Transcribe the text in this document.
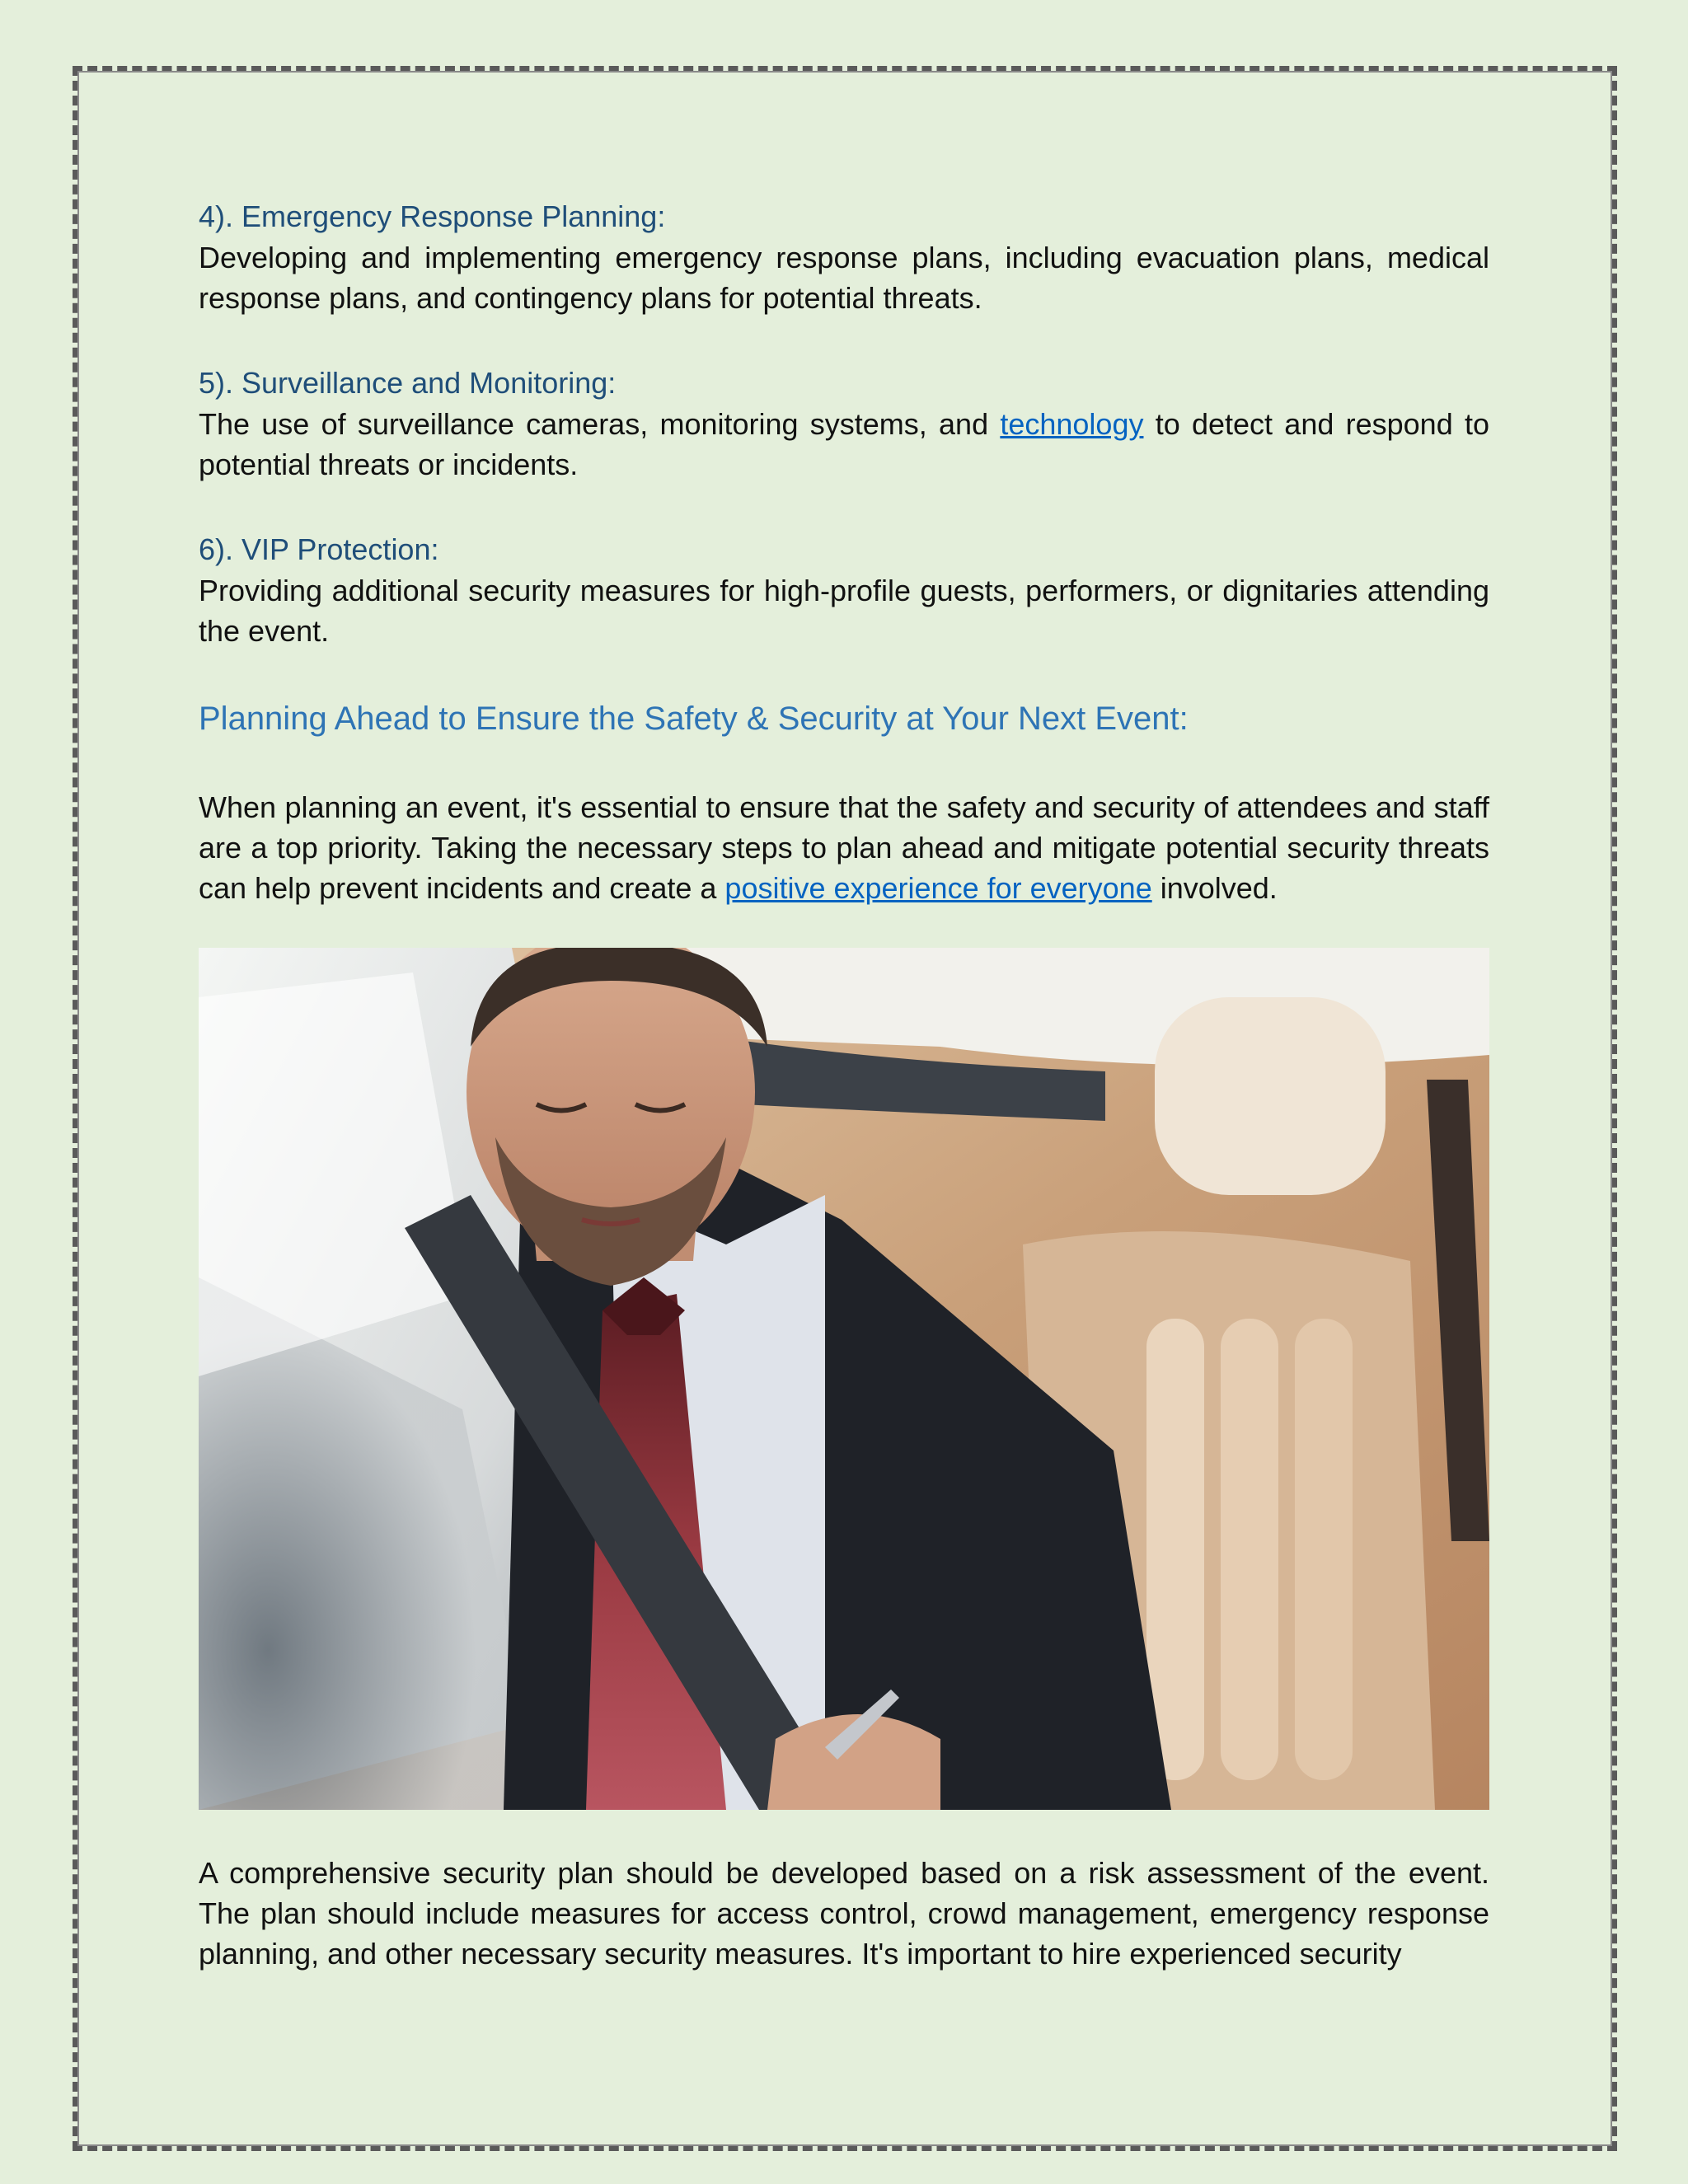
4). Emergency Response Planning:

Developing and implementing emergency response plans, including evacuation plans, medical response plans, and contingency plans for potential threats.

5). Surveillance and Monitoring:

The use of surveillance cameras, monitoring systems, and technology to detect and respond to potential threats or incidents.

6). VIP Protection:

Providing additional security measures for high-profile guests, performers, or dignitaries attending the event.

Planning Ahead to Ensure the Safety & Security at Your Next Event:

When planning an event, it's essential to ensure that the safety and security of attendees and staff are a top priority. Taking the necessary steps to plan ahead and mitigate potential security threats can help prevent incidents and create a positive experience for everyone involved.

A comprehensive security plan should be developed based on a risk assessment of the event. The plan should include measures for access control, crowd management, emergency response planning, and other necessary security measures. It's important to hire experienced security
